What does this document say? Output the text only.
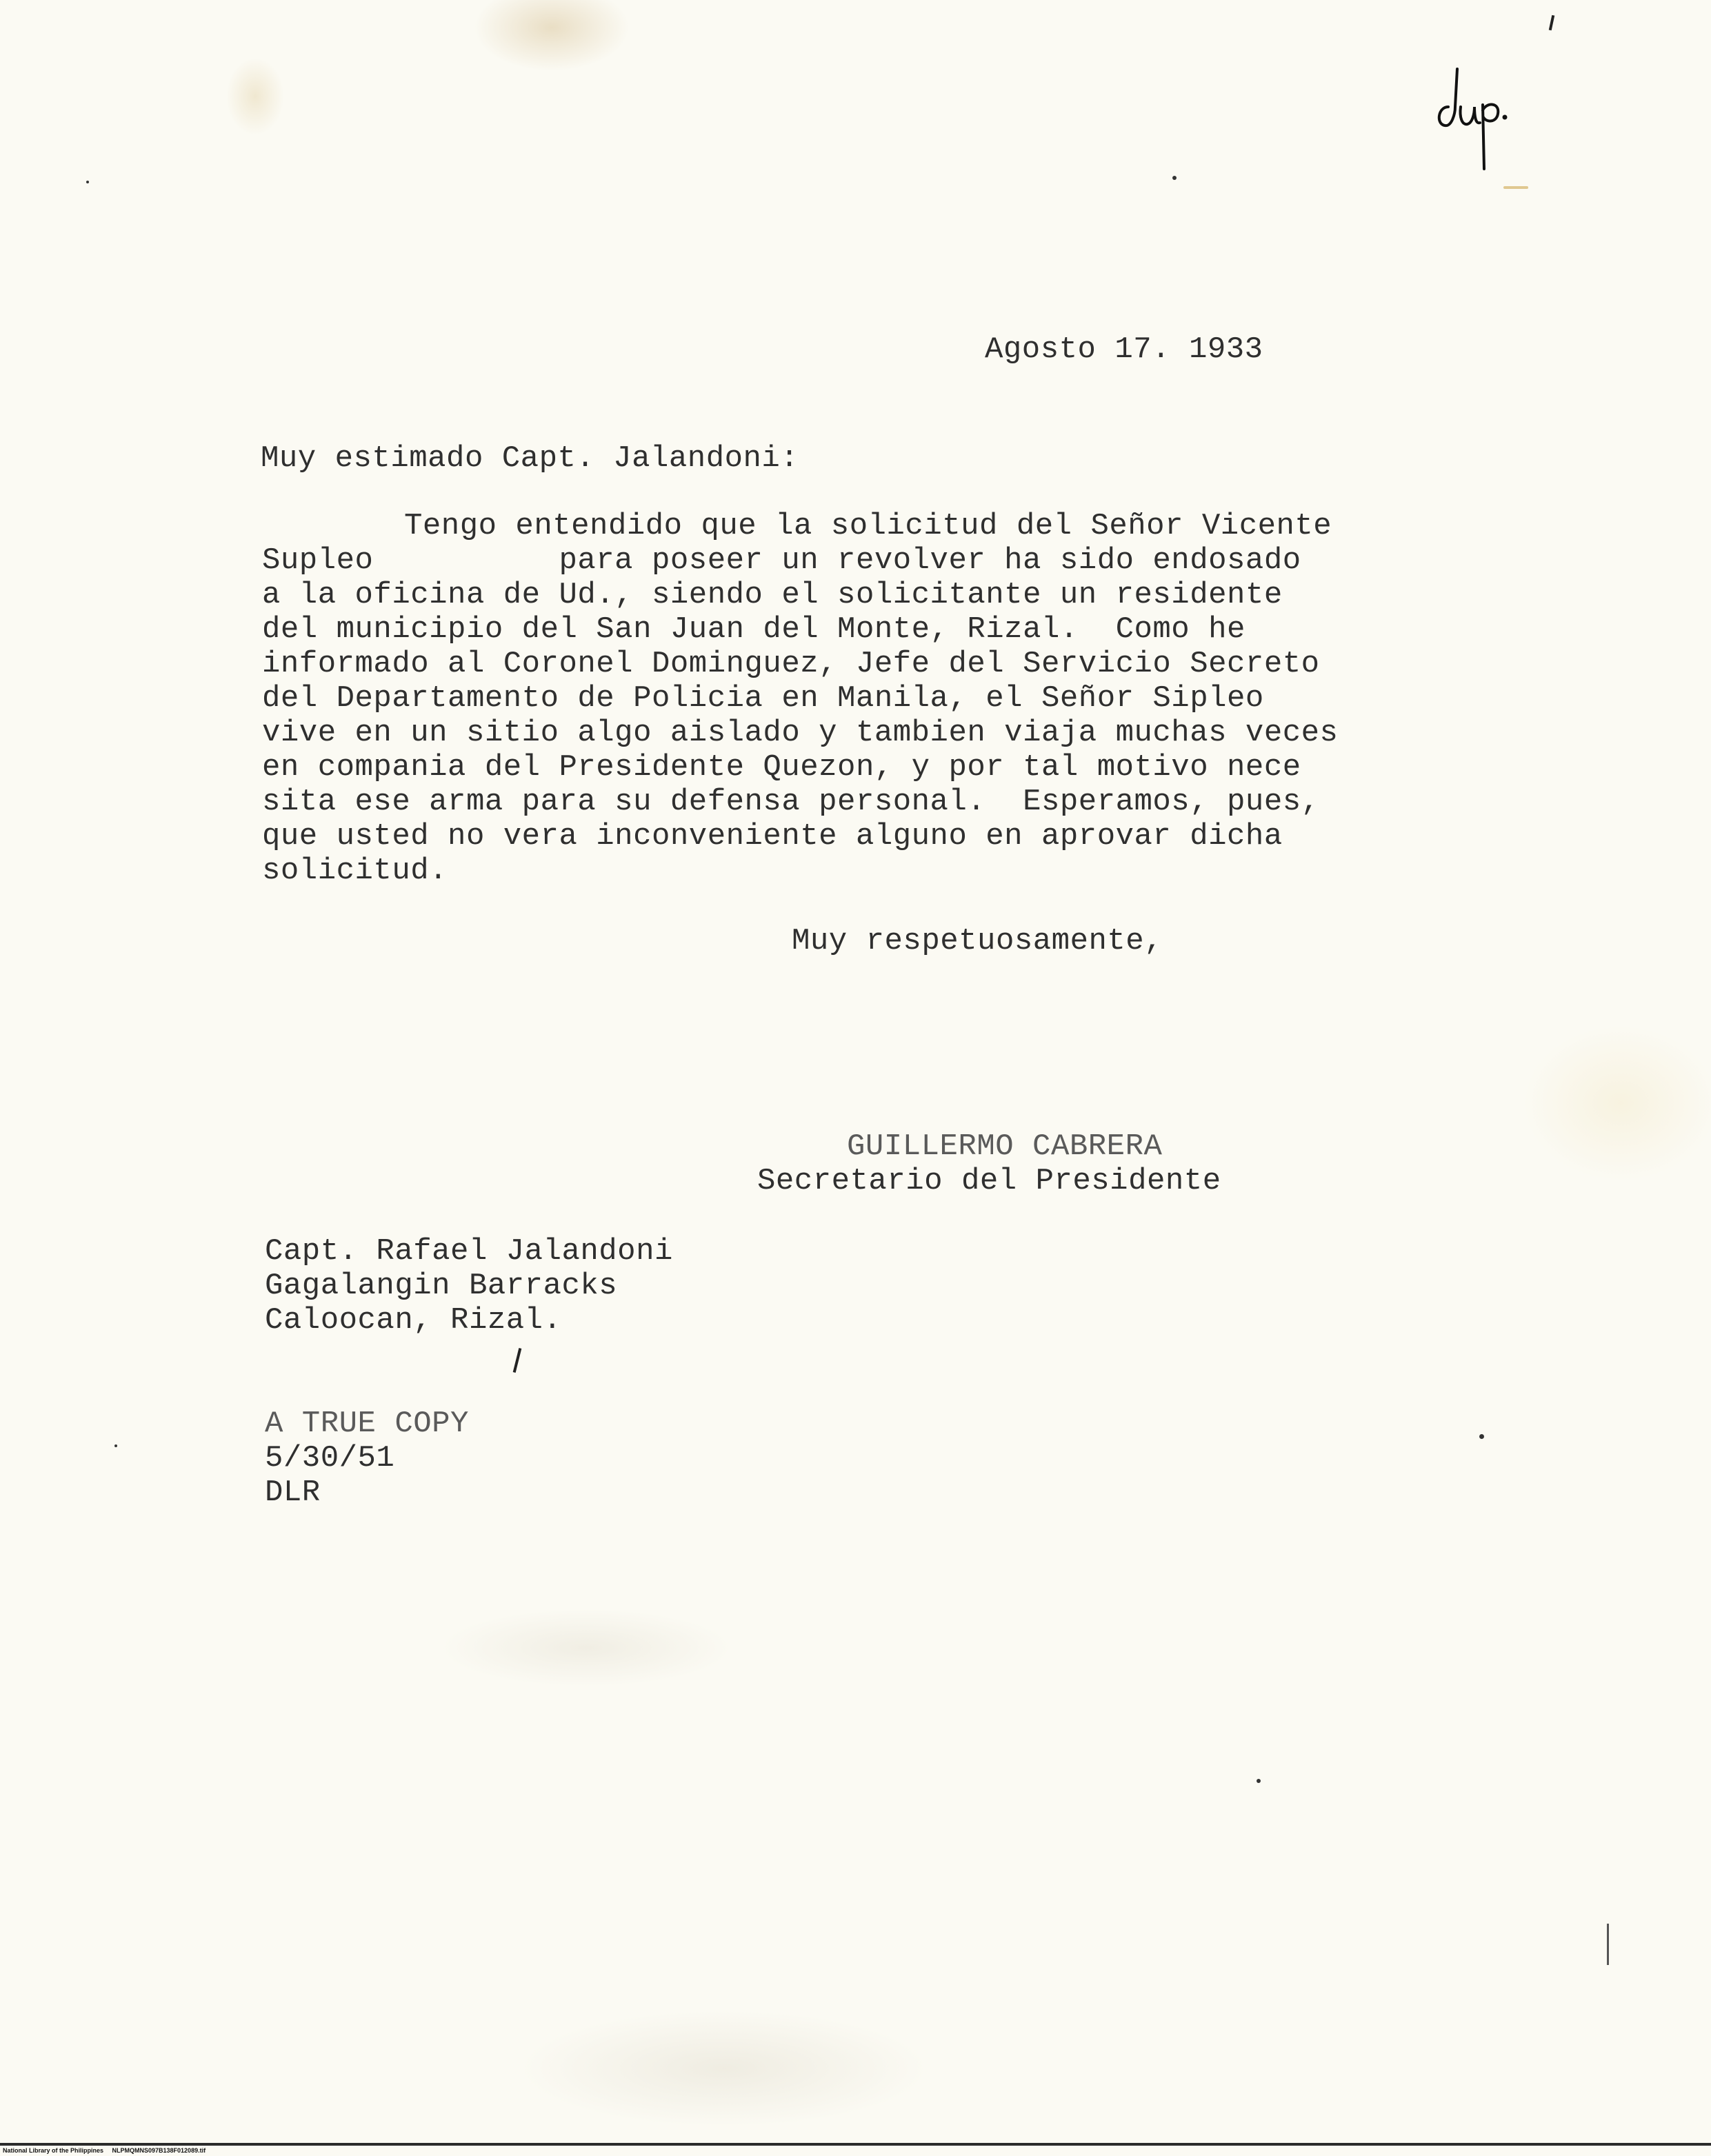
Agosto 17. 1933
Muy estimado Capt. Jalandoni:
Tengo entendido que la solicitud del Señor Vicente
Supleo          para poseer un revolver ha sido endosado
a la oficina de Ud., siendo el solicitante un residente
del municipio del San Juan del Monte, Rizal.  Como he
informado al Coronel Dominguez, Jefe del Servicio Secreto
del Departamento de Policia en Manila, el Señor Sipleo
vive en un sitio algo aislado y tambien viaja muchas veces
en compania del Presidente Quezon, y por tal motivo nece
sita ese arma para su defensa personal.  Esperamos, pues,
que usted no vera inconveniente alguno en aprovar dicha
solicitud.
Muy respetuosamente,
GUILLERMO CABRERA
Secretario del Presidente
Capt. Rafael Jalandoni
Gagalangin Barracks
Caloocan, Rizal.
A TRUE COPY
5/30/51
DLR
National Library of the Philippines     NLPMQMNS097B138F012089.tif
